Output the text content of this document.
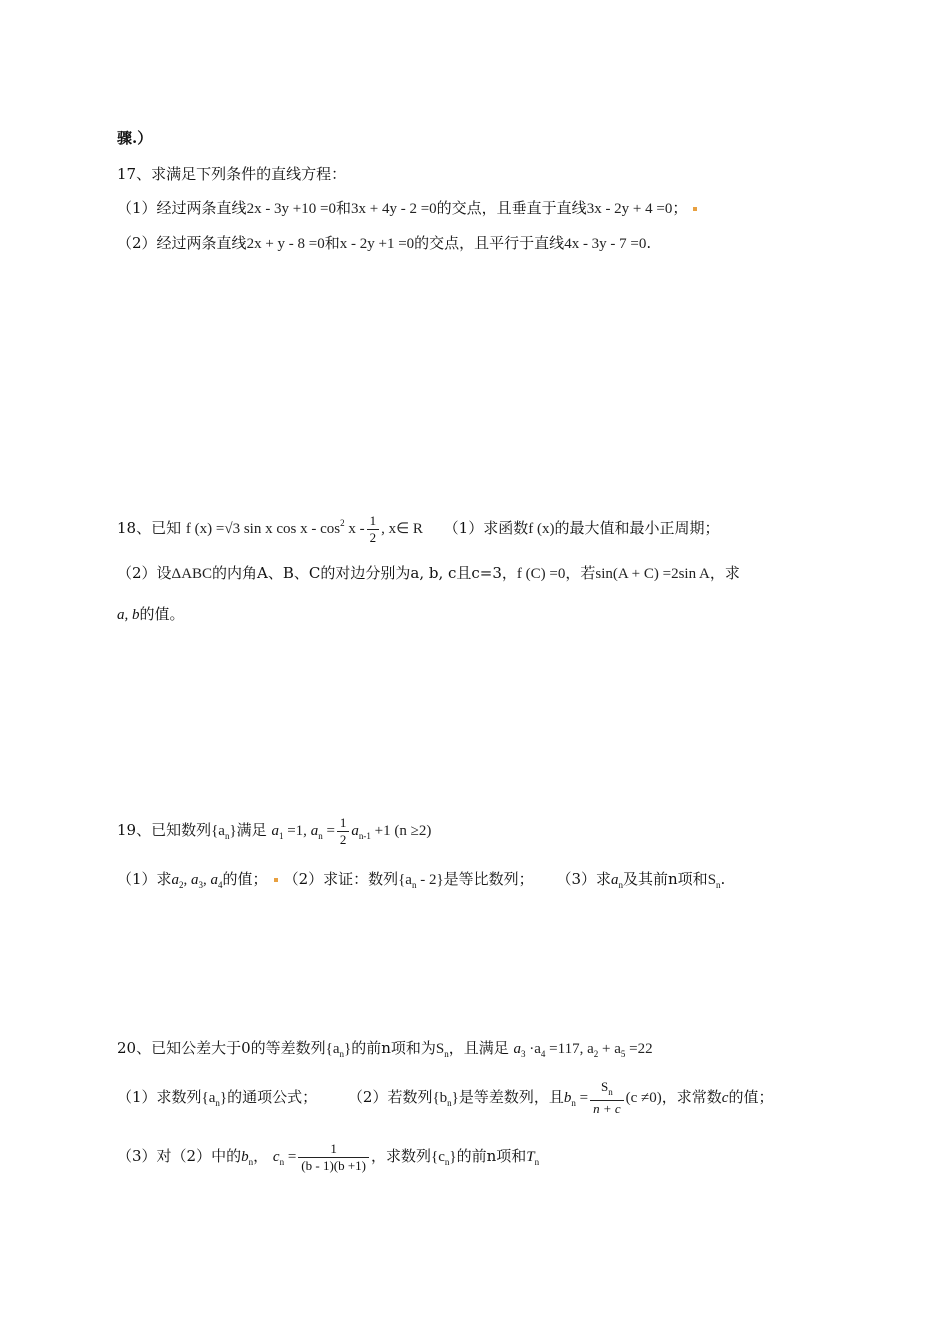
骤.）
17、求满足下列条件的直线方程：
（1）经过两条直线2x - 3y +10 =0和3x + 4y - 2 =0的交点，且垂直于直线3x - 2y + 4 =0；
（2）经过两条直线2x + y - 8 =0和x - 2y +1 =0的交点，且平行于直线4x - 3y - 7 =0.
18、已知 f (x) =√3 sin x cos x - $\cos^2 x - \frac{1}{2}$ , x∈ R （1）求函数f (x)的最大值和最小正周期；
（2）设ΔABC的内角A、B、C的对边分别为a, b, c且c=3，f (C) =0，若sin(A + C) =2sin A，求
a, b的值。
19、已知数列$\{a_n\}$满足 $a_1 =1$, $a_n = \frac{1}{2} a_{n-1} +1$ (n ≥2)
（1）求$a_2$, $a_3$, $a_4$的值； （2）求证：数列$\{a_n - 2\}$是等比数列； （3）求$a_n$及其前n项和$S_n$.
20、已知公差大于0的等差数列$\{a_n\}$的前n项和为$S_n$，且满足 $a_3 \cdot a_4 =117$, $a_2 + a_5 =22$
（1）求数列$\{a_n\}$的通项公式； （2）若数列$\{b_n\}$是等差数列，且$b_n = \frac{S_n}{n + c} (c \ne 0)$，求常数c的值；
（3）对（2）中的$b_n$， $c_n = \frac{1}{(b - 1)(b +1)}$ ，求数列$\{c_n\}$的前n项和$T_n$
